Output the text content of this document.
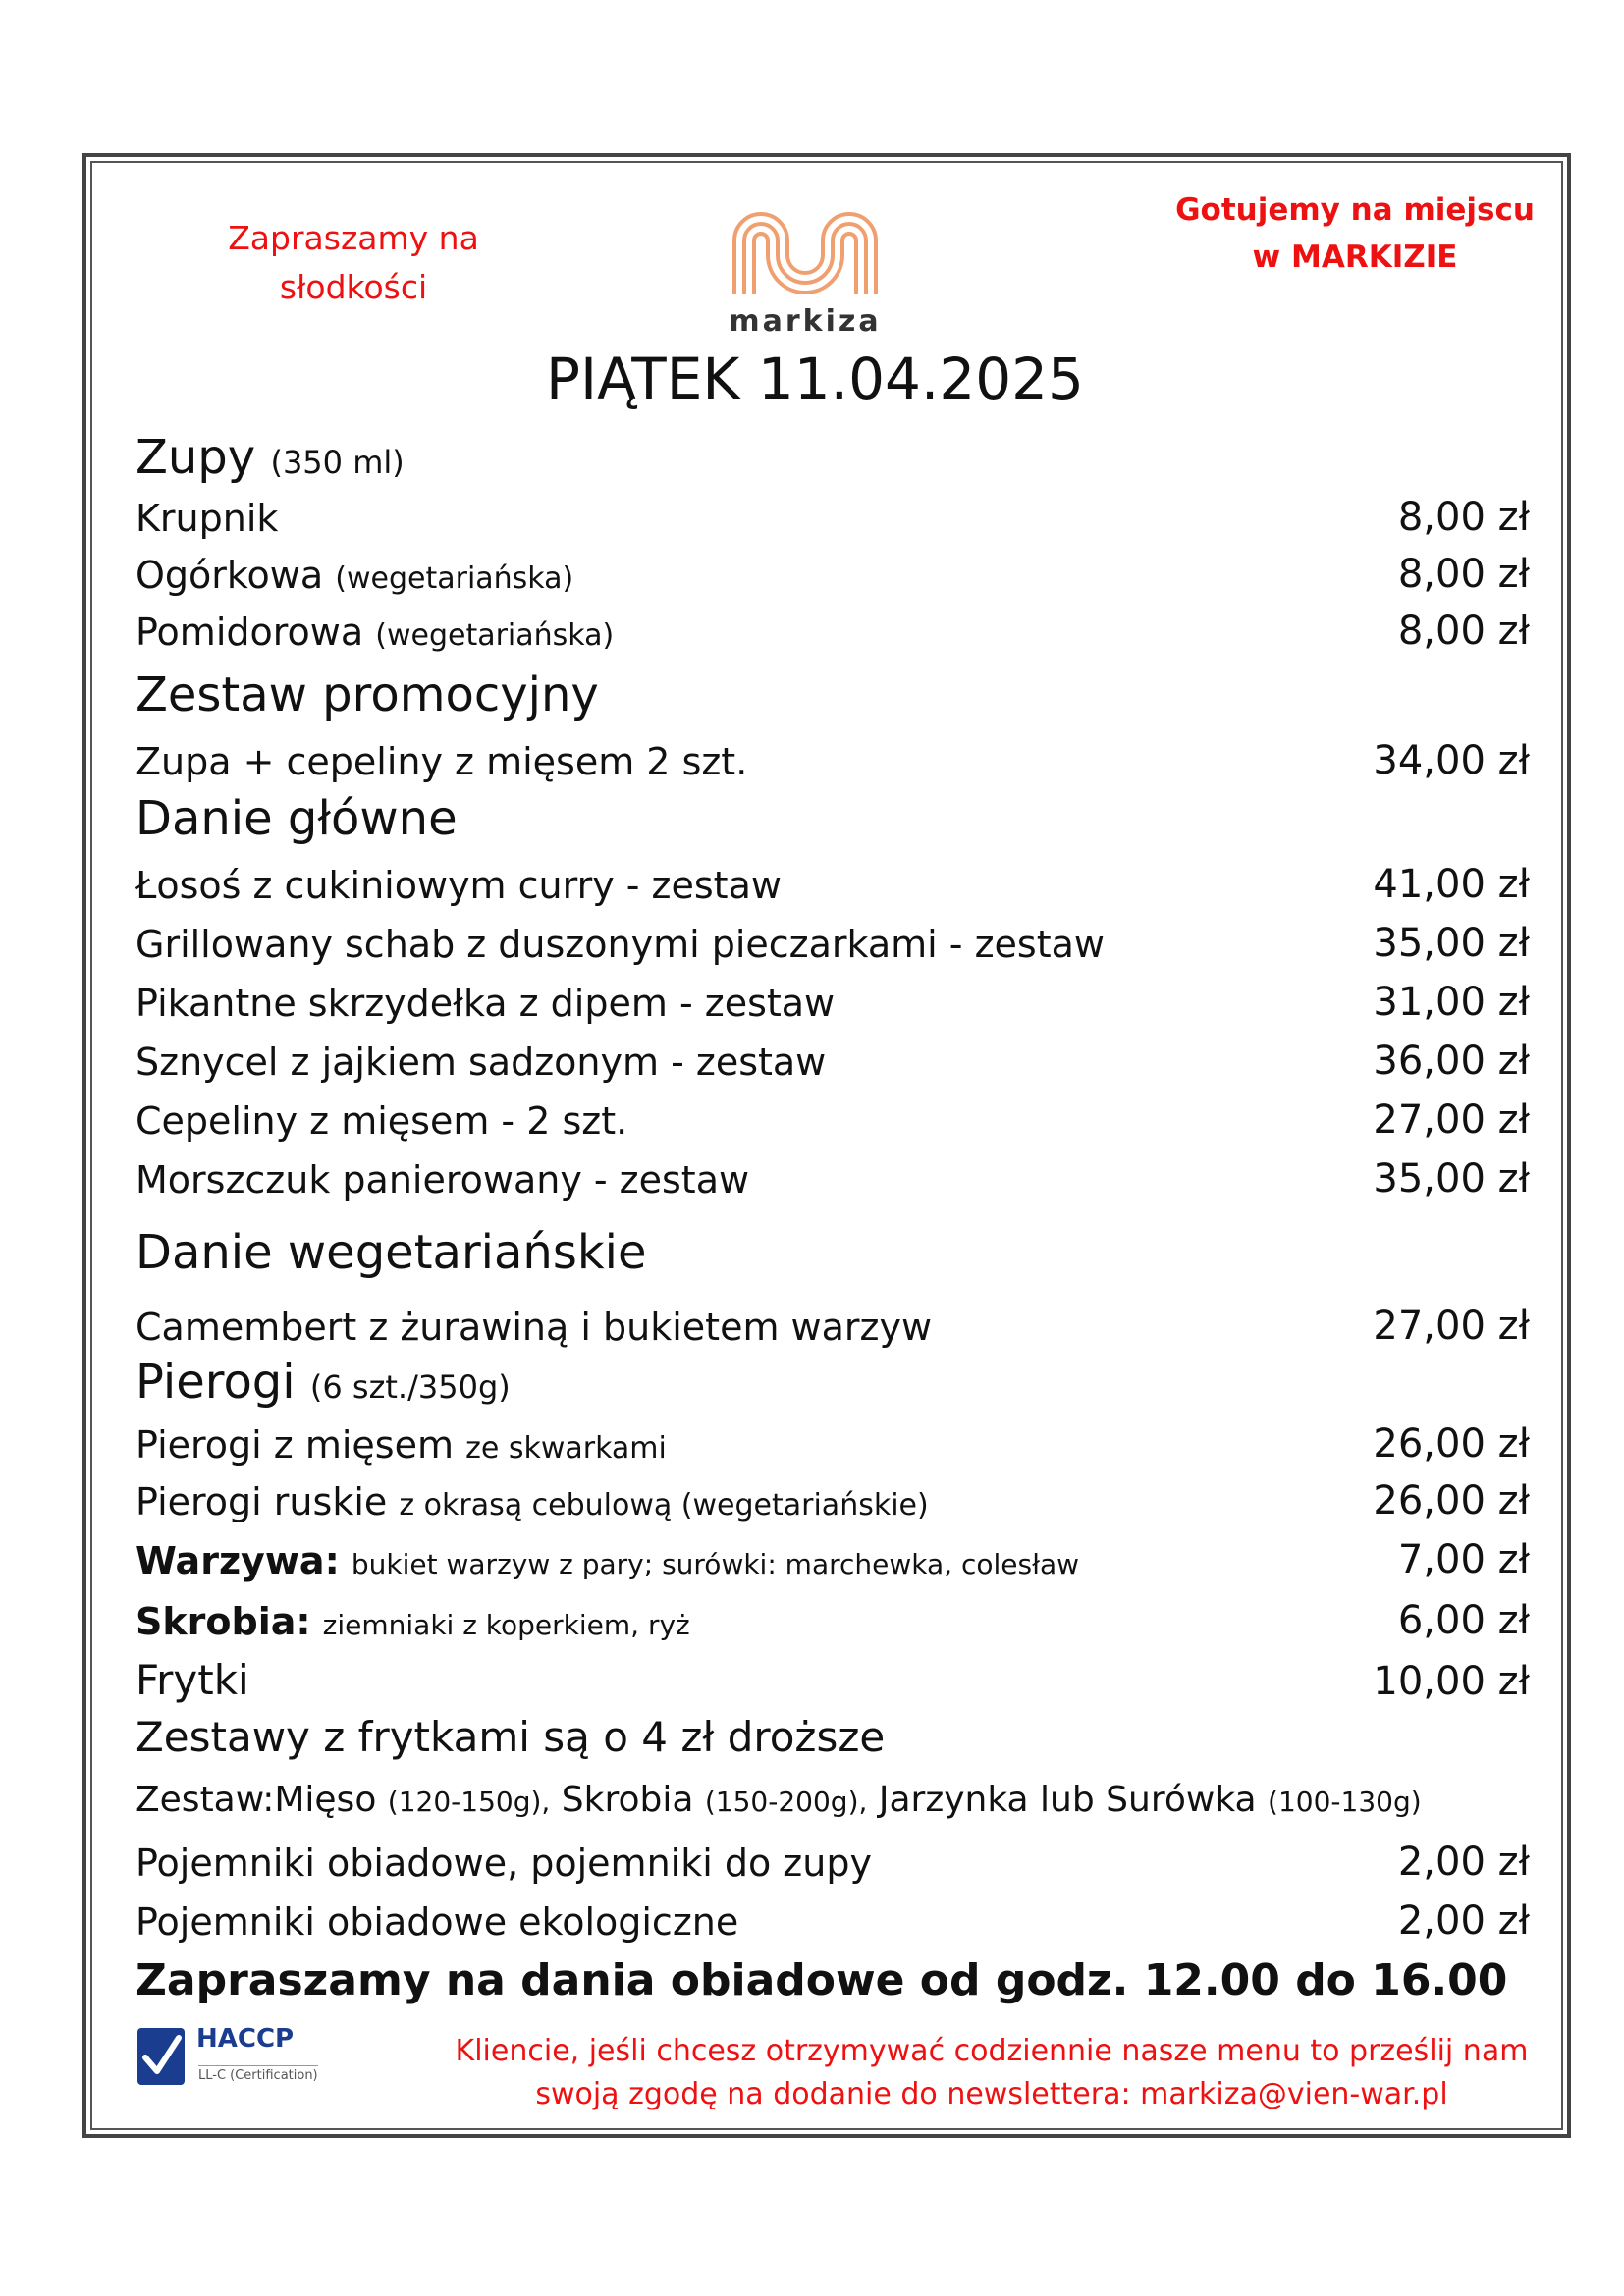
Zapraszamy na
słodkości
markiza
Gotujemy na miejscu
w MARKIZIE
PIĄTEK 11.04.2025
Zupy (350 ml)
Krupnik	8,00 zł
Ogórkowa (wegetariańska)	8,00 zł
Pomidorowa (wegetariańska)	8,00 zł
Zestaw promocyjny
Zupa + cepeliny z mięsem 2 szt.	34,00 zł
Danie główne
Łosoś z cukiniowym curry - zestaw	41,00 zł
Grillowany schab z duszonymi pieczarkami - zestaw	35,00 zł
Pikantne skrzydełka z dipem - zestaw	31,00 zł
Sznycel z jajkiem sadzonym - zestaw	36,00 zł
Cepeliny z mięsem - 2 szt.	27,00 zł
Morszczuk panierowany - zestaw	35,00 zł
Danie wegetariańskie
Camembert z żurawiną i bukietem warzyw	27,00 zł
Pierogi (6 szt./350g)
Pierogi z mięsem ze skwarkami	26,00 zł
Pierogi ruskie z okrasą cebulową (wegetariańskie)	26,00 zł
Warzywa: bukiet warzyw z pary; surówki: marchewka, colesław	7,00 zł
Skrobia: ziemniaki z koperkiem, ryż	6,00 zł
Frytki	10,00 zł
Zestawy z frytkami są o 4 zł droższe
Zestaw:Mięso (120-150g), Skrobia (150-200g), Jarzynka lub Surówka (100-130g)
Pojemniki obiadowe, pojemniki do zupy	2,00 zł
Pojemniki obiadowe ekologiczne	2,00 zł
Zapraszamy na dania obiadowe od godz. 12.00 do 16.00
HACCP
LL-C (Certification)
Kliencie, jeśli chcesz otrzymywać codziennie nasze menu to prześlij nam
swoją zgodę na dodanie do newslettera: markiza@vien-war.pl
